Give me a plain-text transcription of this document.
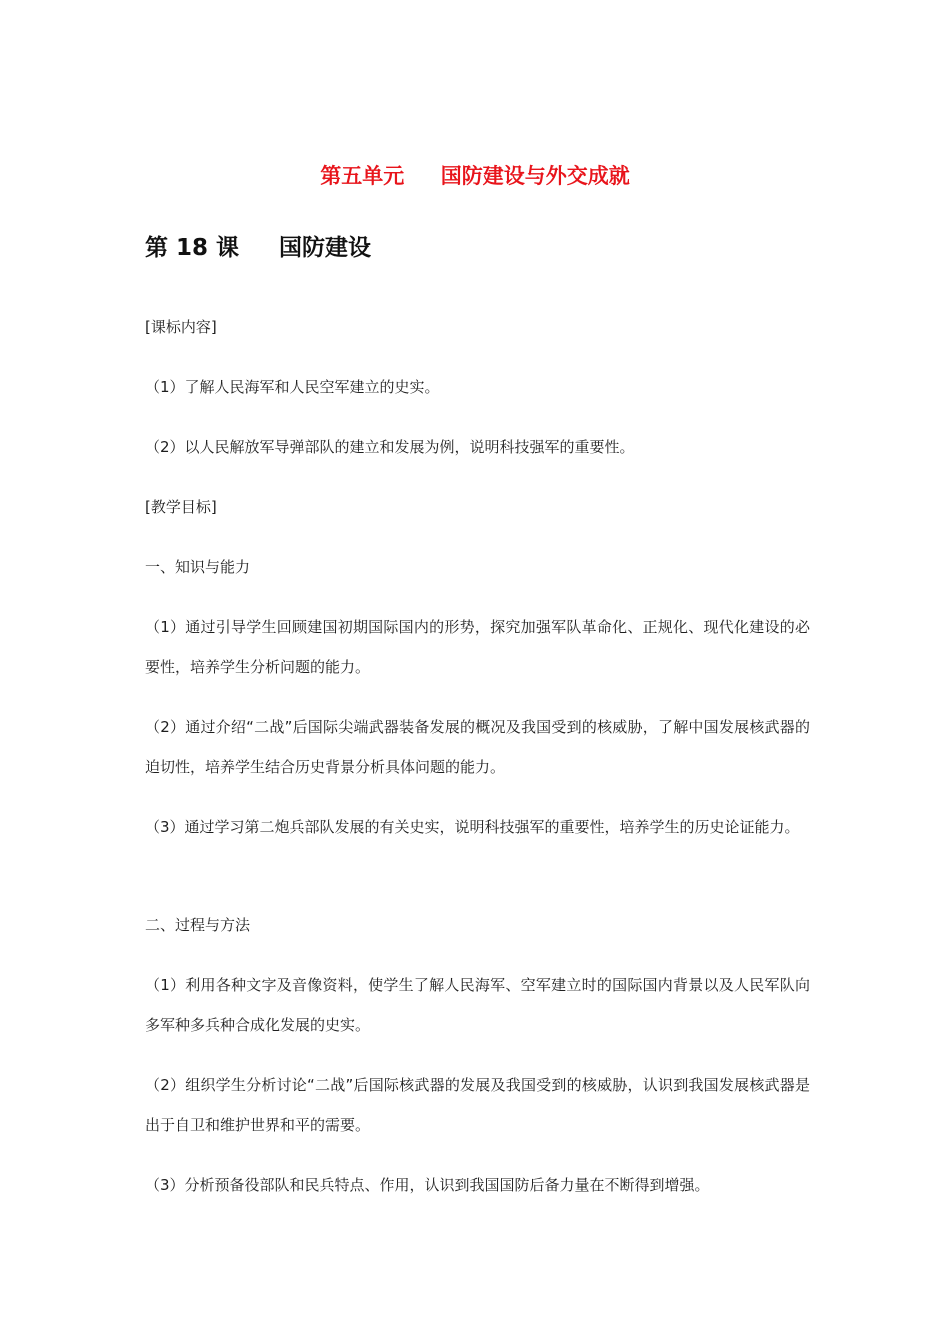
第五单元     国防建设与外交成就
第 18 课     国防建设
[课标内容]
（1）了解人民海军和人民空军建立的史实。
（2）以人民解放军导弹部队的建立和发展为例，说明科技强军的重要性。
[教学目标]
一、知识与能力
（1）通过引导学生回顾建国初期国际国内的形势，探究加强军队革命化、正规化、现代化建设的必要性，培养学生分析问题的能力。
（2）通过介绍“二战”后国际尖端武器装备发展的概况及我国受到的核威胁，了解中国发展核武器的迫切性，培养学生结合历史背景分析具体问题的能力。
（3）通过学习第二炮兵部队发展的有关史实，说明科技强军的重要性，培养学生的历史论证能力。
二、过程与方法
（1）利用各种文字及音像资料，使学生了解人民海军、空军建立时的国际国内背景以及人民军队向多军种多兵种合成化发展的史实。
（2）组织学生分析讨论“二战”后国际核武器的发展及我国受到的核威胁，认识到我国发展核武器是出于自卫和维护世界和平的需要。
（3）分析预备役部队和民兵特点、作用，认识到我国国防后备力量在不断得到增强。
